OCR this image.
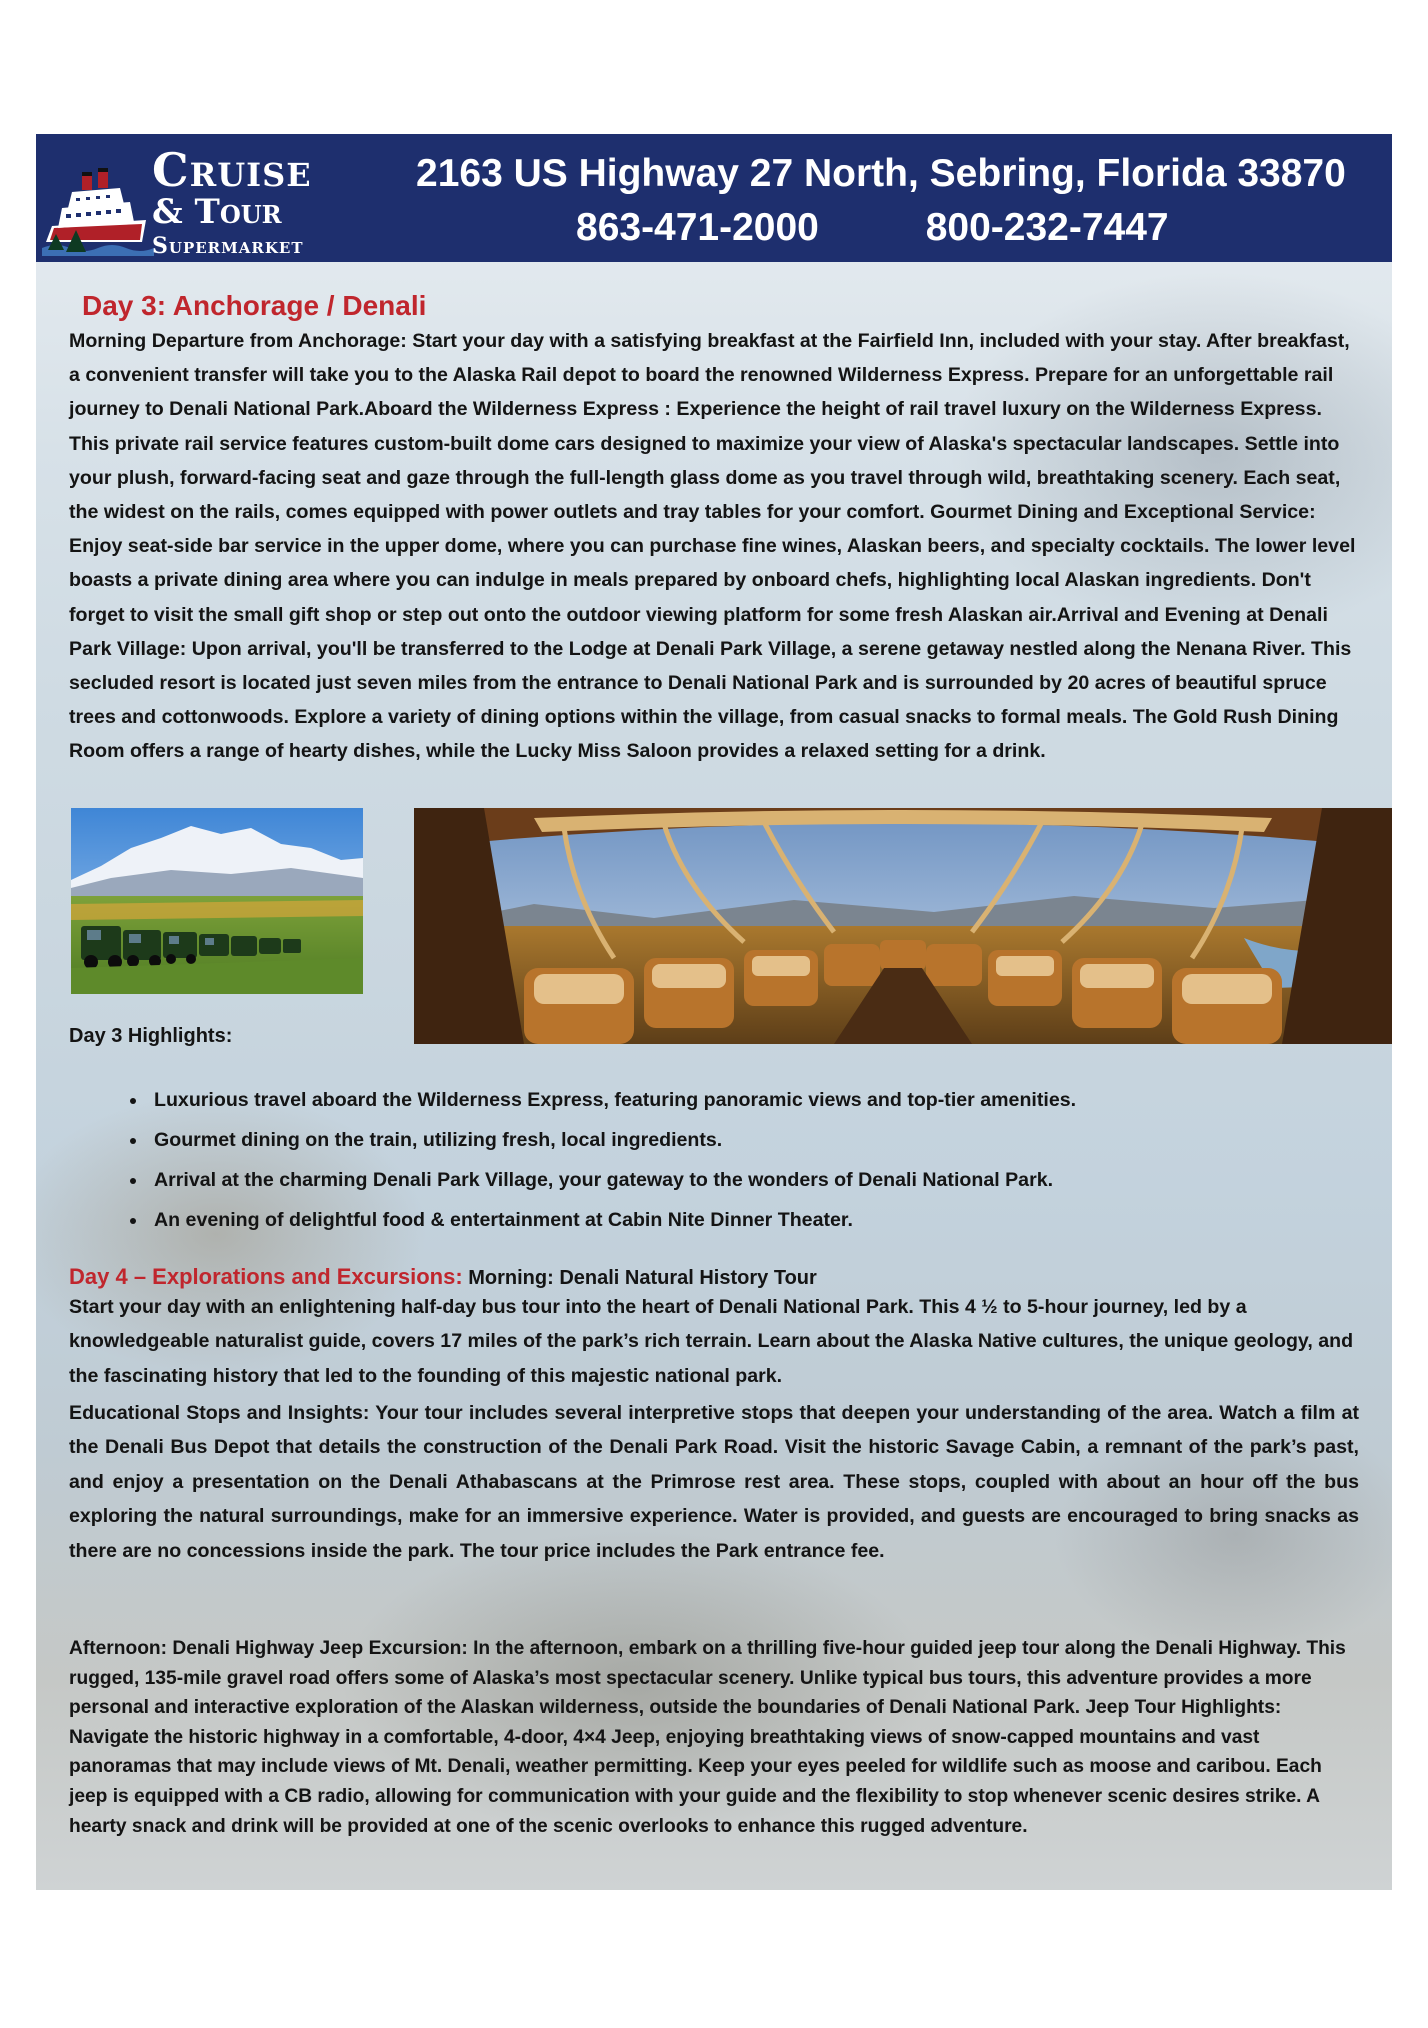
Cruise
& Tour
Supermarket
2163 US Highway 27 North, Sebring, Florida 33870
863-471-2000	800-232-7447
Day 3: Anchorage / Denali

Morning Departure from Anchorage: Start your day with a satisfying breakfast at the Fairfield Inn, included with your stay. After breakfast, a convenient transfer will take you to the Alaska Rail depot to board the renowned Wilderness Express. Prepare for an unforgettable rail journey to Denali National Park.Aboard the Wilderness Express : Experience the height of rail travel luxury on the Wilderness Express. This private rail service features custom-built dome cars designed to maximize your view of Alaska's spectacular landscapes. Settle into your plush, forward-facing seat and gaze through the full-length glass dome as you travel through wild, breathtaking scenery. Each seat, the widest on the rails, comes equipped with power outlets and tray tables for your comfort. Gourmet Dining and Exceptional Service: Enjoy seat-side bar service in the upper dome, where you can purchase fine wines, Alaskan beers, and specialty cocktails. The lower level boasts a private dining area where you can indulge in meals prepared by onboard chefs, highlighting local Alaskan ingredients. Don't forget to visit the small gift shop or step out onto the outdoor viewing platform for some fresh Alaskan air.Arrival and Evening at Denali Park Village: Upon arrival, you'll be transferred to the Lodge at Denali Park Village, a serene getaway nestled along the Nenana River. This secluded resort is located just seven miles from the entrance to Denali National Park and is surrounded by 20 acres of beautiful spruce trees and cottonwoods. Explore a variety of dining options within the village, from casual snacks to formal meals. The Gold Rush Dining Room offers a range of hearty dishes, while the Lucky Miss Saloon provides a relaxed setting for a drink.

Day 3 Highlights:
• Luxurious travel aboard the Wilderness Express, featuring panoramic views and top-tier amenities.
• Gourmet dining on the train, utilizing fresh, local ingredients.
• Arrival at the charming Denali Park Village, your gateway to the wonders of Denali National Park.
• An evening of delightful food & entertainment at Cabin Nite Dinner Theater.
Day 4 – Explorations and Excursions: Morning: Denali Natural History Tour

Start your day with an enlightening half-day bus tour into the heart of Denali National Park. This 4 ½ to 5-hour journey, led by a knowledgeable naturalist guide, covers 17 miles of the park’s rich terrain. Learn about the Alaska Native cultures, the unique geology, and the fascinating history that led to the founding of this majestic national park.

Educational Stops and Insights: Your tour includes several interpretive stops that deepen your understanding of the area. Watch a film at the Denali Bus Depot that details the construction of the Denali Park Road. Visit the historic Savage Cabin, a remnant of the park’s past, and enjoy a presentation on the Denali Athabascans at the Primrose rest area. These stops, coupled with about an hour off the bus exploring the natural surroundings, make for an immersive experience. Water is provided, and guests are encouraged to bring snacks as there are no concessions inside the park. The tour price includes the Park entrance fee.

Afternoon: Denali Highway Jeep Excursion: In the afternoon, embark on a thrilling five-hour guided jeep tour along the Denali Highway. This rugged, 135-mile gravel road offers some of Alaska’s most spectacular scenery. Unlike typical bus tours, this adventure provides a more personal and interactive exploration of the Alaskan wilderness, outside the boundaries of Denali National Park. Jeep Tour Highlights: Navigate the historic highway in a comfortable, 4-door, 4×4 Jeep, enjoying breathtaking views of snow-capped mountains and vast panoramas that may include views of Mt. Denali, weather permitting. Keep your eyes peeled for wildlife such as moose and caribou. Each jeep is equipped with a CB radio, allowing for communication with your guide and the flexibility to stop whenever scenic desires strike. A hearty snack and drink will be provided at one of the scenic overlooks to enhance this rugged adventure.
